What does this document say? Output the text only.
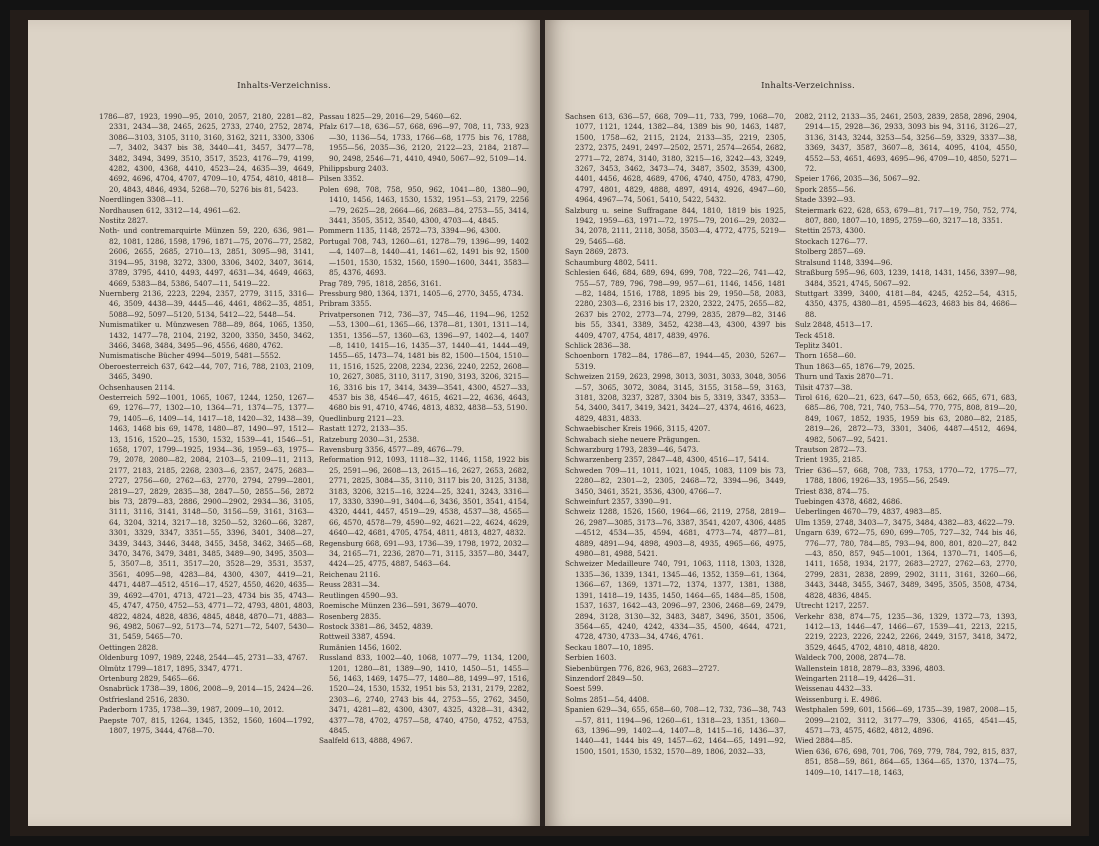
Inhalts-Verzeichniss.

1786—87, 1923, 1990—95, 2010, 2057, 2180, 2281—82, 2331, 2434—38, 2465, 2625, 2733, 2740, 2752, 2874, 3086—3103, 3105, 3110, 3160, 3162, 3211, 3300, 3306—7, 3402, 3437 bis 38, 3440—41, 3457, 3477—78, 3482, 3494, 3499, 3510, 3517, 3523, 4176—79, 4199, 4282, 4300, 4368, 4410, 4523—24, 4635—39, 4649, 4692, 4696, 4704, 4707, 4709—10, 4754, 4810, 4818—20, 4843, 4846, 4934, 5268—70, 5276 bis 81, 5423.

Noerdlingen 3308—11.

Nordhausen 612, 3312—14, 4961—62.

Nostitz 2827.

Noth- und contremarquirte Münzen 59, 220, 636, 981—82, 1081, 1286, 1598, 1796, 1871—75, 2076—77, 2582, 2606, 2655, 2685, 2710—13, 2851, 3095—98, 3141, 3194—95, 3198, 3272, 3300, 3306, 3402, 3407, 3614, 3789, 3795, 4410, 4493, 4497, 4631—34, 4649, 4663, 4669, 5383—84, 5386, 5407—11, 5419—22.

Nuernberg 2136, 2223, 2294, 2357, 2779, 3115, 3316—46, 3509, 4438—39, 4445—46, 4461, 4862—35, 4851, 5088—92, 5097—5120, 5134, 5412—22, 5448—54.

Numismatiker u. Münzwesen 788—89, 864, 1065, 1350, 1432, 1477—78, 2104, 2192, 3200, 3350, 3450, 3462, 3466, 3468, 3484, 3495—96, 4556, 4680, 4762.

Numismatische Bücher 4994—5019, 5481—5552.

Oberoesterreich 637, 642—44, 707, 716, 788, 2103, 2109, 3465, 3490.

Ochsenhausen 2114.

Oesterreich 592—1001, 1065, 1067, 1244, 1250, 1267—69, 1276—77, 1302—10, 1364—71, 1374—75, 1377—79, 1405—6, 1409—14, 1417—18, 1420—32, 1438—39, 1463, 1468 bis 69, 1478, 1480—87, 1490—97, 1512—13, 1516, 1520—25, 1530, 1532, 1539—41, 1546—51, 1658, 1707, 1799—1925, 1934—36, 1959—63, 1975—79, 2078, 2080—82, 2084, 2103—5, 2109—11, 2113, 2177, 2183, 2185, 2268, 2303—6, 2357, 2475, 2683—2727, 2756—60, 2762—63, 2770, 2794, 2799—2801, 2819—27, 2829, 2835—38, 2847—50, 2855—56, 2872 bis 73, 2879—83, 2886, 2900—2902, 2934—36, 3105, 3111, 3116, 3141, 3148—50, 3156—59, 3161, 3163—64, 3204, 3214, 3217—18, 3250—52, 3260—66, 3287, 3301, 3329, 3347, 3351—55, 3396, 3401, 3408—27, 3439, 3443, 3446, 3448, 3455, 3458, 3462, 3465—68, 3470, 3476, 3479, 3481, 3485, 3489—90, 3495, 3503—5, 3507—8, 3511, 3517—20, 3528—29, 3531, 3537, 3561, 4095—98, 4283—84, 4300, 4307, 4419—21, 4471, 4487—4512, 4516—17, 4527, 4550, 4620, 4635—39, 4692—4701, 4713, 4721—23, 4734 bis 35, 4743—45, 4747, 4750, 4752—53, 4771—72, 4793, 4801, 4803, 4822, 4824, 4828, 4836, 4845, 4848, 4870—71, 4883—96, 4982, 5067—92, 5173—74, 5271—72, 5407, 5430—31, 5459, 5465—70.

Oettingen 2828.

Oldenburg 1097, 1989, 2248, 2544—45, 2731—33, 4767.

Olmütz 1799—1817, 1895, 3347, 4771.

Ortenburg 2829, 5465—66.

Osnabrück 1738—39, 1806, 2008—9, 2014—15, 2424—26.

Ostfriesland 2516, 2830.

Paderborn 1735, 1738—39, 1987, 2009—10, 2012.

Paepste 707, 815, 1264, 1345, 1352, 1560, 1604—1792, 1807, 1975, 3444, 4768—70.

Passau 1825—29, 2016—29, 5460—62.

Pfalz 617—18, 636—57, 668, 696—97, 708, 11, 733, 923—30, 1136—54, 1733, 1766—68, 1775 bis 76, 1788, 1955—56, 2035—36, 2120, 2122—23, 2184, 2187—90, 2498, 2546—71, 4410, 4940, 5067—92, 5109—14.

Philippsburg 2403.

Pilsen 3352.

Polen 698, 708, 758, 950, 962, 1041—80, 1380—90, 1410, 1456, 1463, 1530, 1532, 1951—53, 2179, 2256—79, 2625—28, 2664—66, 2683—84, 2753—55, 3414, 3441, 3505, 3512, 3540, 4300, 4703—4, 4845.

Pommern 1135, 1148, 2572—73, 3394—96, 4300.

Portugal 708, 743, 1260—61, 1278—79, 1396—99, 1402—4, 1407—8, 1440—41, 1461—62, 1491 bis 92, 1500—1501, 1530, 1532, 1560, 1590—1600, 3441, 3583—85, 4376, 4693.

Prag 789, 795, 1818, 2856, 3161.

Pressburg 980, 1364, 1371, 1405—6, 2770, 3455, 4734.

Pribram 3355.

Privatpersonen 712, 736—37, 745—46, 1194—96, 1252—53, 1300—61, 1365—66, 1378—81, 1301, 1311—14, 1351, 1356—57, 1360—63, 1396—97, 1402—4, 1407—8, 1410, 1415—16, 1435—37, 1440—41, 1444—49, 1455—65, 1473—74, 1481 bis 82, 1500—1504, 1510—11, 1516, 1525, 2208, 2234, 2236, 2240, 2252, 2608—10, 2627, 3085, 3110, 3117, 3190, 3193, 3206, 3215—16, 3316 bis 17, 3414, 3439—3541, 4300, 4527—33, 4537 bis 38, 4546—47, 4615, 4621—22, 4636, 4643, 4680 bis 91, 4710, 4746, 4813, 4832, 4838—53, 5190.

Quedlinburg 2121—23.

Rastatt 1272, 2133—35.

Ratzeburg 2030—31, 2538.

Ravensburg 3356, 4577—89, 4676—79.

Reformation 912, 1093, 1118—32, 1146, 1158, 1922 bis 25, 2591—96, 2608—13, 2615—16, 2627, 2653, 2682, 2771, 2825, 3084—35, 3110, 3117 bis 20, 3125, 3138, 3183, 3206, 3215—16, 3224—25, 3241, 3243, 3316—17, 3330, 3390—91, 3404—6, 3436, 3501, 3541, 4154, 4320, 4441, 4457, 4519—29, 4538, 4537—38, 4565—66, 4570, 4578—79, 4590—92, 4621—22, 4624, 4629, 4640—42, 4681, 4705, 4754, 4811, 4813, 4827, 4832.

Regensburg 668, 691—93, 1736—39, 1798, 1972, 2032—34, 2165—71, 2236, 2870—71, 3115, 3357—80, 3447, 4424—25, 4775, 4887, 5463—64.

Reichenau 2116.

Reuss 2831—34.

Reutlingen 4590—93.

Roemische Münzen 236—591, 3679—4070.

Rosenberg 2835.

Rostock 3381—86, 3452, 4839.

Rottweil 3387, 4594.

Rumänien 1456, 1602.

Russland 833, 1002—40, 1068, 1077—79, 1134, 1200, 1201, 1280—81, 1389—90, 1410, 1450—51, 1455—56, 1463, 1469, 1475—77, 1480—88, 1499—97, 1516, 1520—24, 1530, 1532, 1951 bis 53, 2131, 2179, 2282, 2303—6, 2740, 2743 bis 44, 2753—55, 2762, 3450, 3471, 4281—82, 4300, 4307, 4325, 4328—31, 4342, 4377—78, 4702, 4757—58, 4740, 4750, 4752, 4753, 4845.

Saalfeld 613, 4888, 4967.

Inhalts-Verzeichniss.

Sachsen 613, 636—57, 668, 709—11, 733, 799, 1068—70, 1077, 1121, 1244, 1382—84, 1389 bis 90, 1463, 1487, 1500, 1758—62, 2115, 2124, 2133—35, 2219, 2305, 2372, 2375, 2491, 2497—2502, 2571, 2574—2654, 2682, 2771—72, 2874, 3140, 3180, 3215—16, 3242—43, 3249, 3267, 3453, 3462, 3473—74, 3487, 3502, 3539, 4300, 4401, 4456, 4628, 4689, 4706, 4740, 4750, 4783, 4790, 4797, 4801, 4829, 4888, 4897, 4914, 4926, 4947—60, 4964, 4967—74, 5061, 5410, 5422, 5432.

Salzburg u. seine Suffragane 844, 1810, 1819 bis 1925, 1942, 1959—63, 1971—72, 1975—79, 2016—29, 2032—34, 2078, 2111, 2118, 3058, 3503—4, 4772, 4775, 5219—29, 5465—68.

Sayn 2869, 2873.

Schaumburg 4802, 5411.

Schlesien 646, 684, 689, 694, 699, 708, 722—26, 741—42, 755—57, 789, 796, 798—99, 957—61, 1146, 1456, 1481—82, 1484, 1516, 1788, 1895 bis 29, 1950—58, 2083, 2280, 2303—6, 2316 bis 17, 2320, 2322, 2475, 2655—82, 2637 bis 2702, 2773—74, 2799, 2835, 2879—82, 3146 bis 55, 3341, 3389, 3452, 4238—43, 4300, 4397 bis 4409, 4707, 4754, 4817, 4839, 4976.

Schlick 2836—38.

Schoenborn 1782—84, 1786—87, 1944—45, 2030, 5267—5319.

Schweizen 2159, 2623, 2998, 3013, 3031, 3033, 3048, 3056—57, 3065, 3072, 3084, 3145, 3155, 3158—59, 3163, 3181, 3208, 3237, 3287, 3304 bis 5, 3319, 3347, 3353—54, 3400, 3417, 3419, 3421, 3424—27, 4374, 4616, 4623, 4829, 4831, 4833.

Schwaebischer Kreis 1966, 3115, 4207.

Schwabach siehe neuere Prägungen.

Schwarzburg 1793, 2839—46, 5473.

Schwarzenberg 2357, 2847—48, 4300, 4516—17, 5414.

Schweden 709—11, 1011, 1021, 1045, 1083, 1109 bis 73, 2280—82, 2301—2, 2305, 2468—72, 3394—96, 3449, 3450, 3461, 3521, 3536, 4300, 4766—7.

Schweinfurt 2357, 3390—91.

Schweiz 1288, 1526, 1560, 1964—66, 2119, 2758, 2819—26, 2987—3085, 3173—76, 3387, 3541, 4207, 4306, 4485—4512, 4534—35, 4594, 4681, 4773—74, 4877—81, 4889, 4891—94, 4898, 4903—8, 4935, 4965—66, 4975, 4980—81, 4988, 5421.

Schweizer Medailleure 740, 791, 1063, 1118, 1303, 1328, 1335—36, 1339, 1341, 1345—46, 1352, 1359—61, 1364, 1366—67, 1369, 1371—72, 1374, 1377, 1381, 1388, 1391, 1418—19, 1435, 1450, 1464—65, 1484—85, 1508, 1537, 1637, 1642—43, 2096—97, 2306, 2468—69, 2479, 2894, 3128, 3130—32, 3483, 3487, 3496, 3501, 3506, 3564—65, 4240, 4242, 4334—35, 4500, 4644, 4721, 4728, 4730, 4733—34, 4746, 4761.

Seckau 1807—10, 1895.

Serbien 1603.

Siebenbürgen 776, 826, 963, 2683—2727.

Sinzendorf 2849—50.

Soest 599.

Solms 2851—54, 4408.

Spanien 629—34, 655, 658—60, 708—12, 732, 736—38, 743—57, 811, 1194—96, 1260—61, 1318—23, 1351, 1360—63, 1396—99, 1402—4, 1407—8, 1415—16, 1436—37, 1440—41, 1444 bis 49, 1457—62, 1464—65, 1491—92, 1500, 1501, 1530, 1532, 1570—89, 1806, 2032—33,

2082, 2112, 2133—35, 2461, 2503, 2839, 2858, 2896, 2904, 2914—15, 2928—36, 2933, 3093 bis 94, 3116, 3126—27, 3136, 3143, 3244, 3253—54, 3256—59, 3329, 3337—38, 3369, 3437, 3587, 3607—8, 3614, 4095, 4104, 4550, 4552—53, 4651, 4693, 4695—96, 4709—10, 4850, 5271—72.

Speier 1766, 2035—36, 5067—92.

Spork 2855—56.

Stade 3392—93.

Steiermark 622, 628, 653, 679—81, 717—19, 750, 752, 774, 807, 880, 1807—10, 1895, 2759—60, 3217—18, 3351.

Stettin 2573, 4300.

Stockach 1276—77.

Stolberg 2857—69.

Stralsund 1148, 3394—96.

Straßburg 595—96, 603, 1239, 1418, 1431, 1456, 3397—98, 3484, 3521, 4745, 5067—92.

Stuttgart 3399, 3400, 4181—84, 4245, 4252—54, 4315, 4350, 4375, 4380—81, 4595—4623, 4683 bis 84, 4686—88.

Sulz 2848, 4513—17.

Teck 4518.

Teplitz 3401.

Thorn 1658—60.

Thun 1863—65, 1876—79, 2025.

Thurn und Taxis 2870—71.

Tilsit 4737—38.

Tirol 616, 620—21, 623, 647—50, 653, 662, 665, 671, 683, 685—86, 708, 721, 740, 753—54, 770, 775, 808, 819—20, 849, 1067, 1852, 1935, 1959 bis 63, 2080—82, 2185, 2819—26, 2872—73, 3301, 3406, 4487—4512, 4694, 4982, 5067—92, 5421.

Trautson 2872—73.

Trient 1935, 2185.

Trier 636—57, 668, 708, 733, 1753, 1770—72, 1775—77, 1788, 1806, 1926—33, 1955—56, 2549.

Triest 838, 874—75.

Tuebingen 4378, 4682, 4686.

Ueberlingen 4670—79, 4837, 4983—85.

Ulm 1359, 2748, 3403—7, 3475, 3484, 4382—83, 4622—79.

Ungarn 639, 672—75, 690, 699—705, 727—32, 744 bis 46, 776—77, 780, 784—85, 793—94, 800, 801, 820—27, 842—43, 850, 857, 945—1001, 1364, 1370—71, 1405—6, 1411, 1658, 1934, 2177, 2683—2727, 2762—63, 2770, 2799, 2831, 2838, 2899, 2902, 3111, 3161, 3260—66, 3443, 3448, 3455, 3467, 3489, 3495, 3505, 3508, 4734, 4828, 4836, 4845.

Utrecht 1217, 2257.

Verkehr 838, 874—75, 1235—36, 1329, 1372—73, 1393, 1412—13, 1446—47, 1466—67, 1539—41, 2213, 2215, 2219, 2223, 2226, 2242, 2266, 2449, 3157, 3418, 3472, 3529, 4645, 4702, 4810, 4818, 4820.

Waldeck 700, 2008, 2874—78.

Wallenstein 1818, 2879—83, 3396, 4803.

Weingarten 2118—19, 4426—31.

Weissenau 4432—33.

Weissenburg i. E. 4986.

Westphalen 599, 601, 1566—69, 1735—39, 1987, 2008—15, 2099—2102, 3112, 3177—79, 3306, 4165, 4541—45, 4571—73, 4575, 4682, 4812, 4896.

Wied 2884—85.

Wien 636, 676, 698, 701, 706, 769, 779, 784, 792, 815, 837, 851, 858—59, 861, 864—65, 1364—65, 1370, 1374—75, 1409—10, 1417—18, 1463,
